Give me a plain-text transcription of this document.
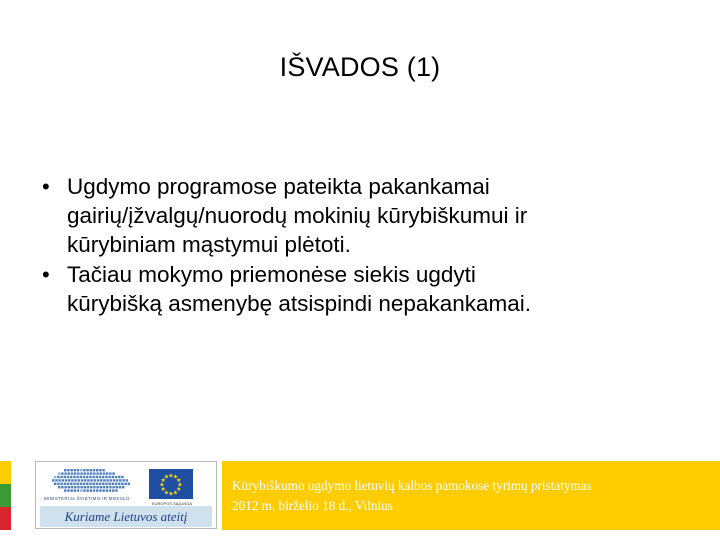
IŠVADOS (1)
• Ugdymo programose pateikta pakankamai
gairių/įžvalgų/nuorodų mokinių kūrybiškumui ir
kūrybiniam mąstymui plėtoti.
• Tačiau mokymo priemonėse siekis ugdyti
kūrybišką asmenybę atsispindi nepakankamai.
MINISTERIJA ŠVIETIMO IR MOKSLO
★
★
★
★
★
★
★
★
★ ★ ★
★
EUROPOS SĄJUNGA
Kuriame Lietuvos ateitį
Kūrybiškumo ugdymo lietuvių kalbos pamokose tyrimų pristatymas
2012 m. birželio 18 d., Vilnius
